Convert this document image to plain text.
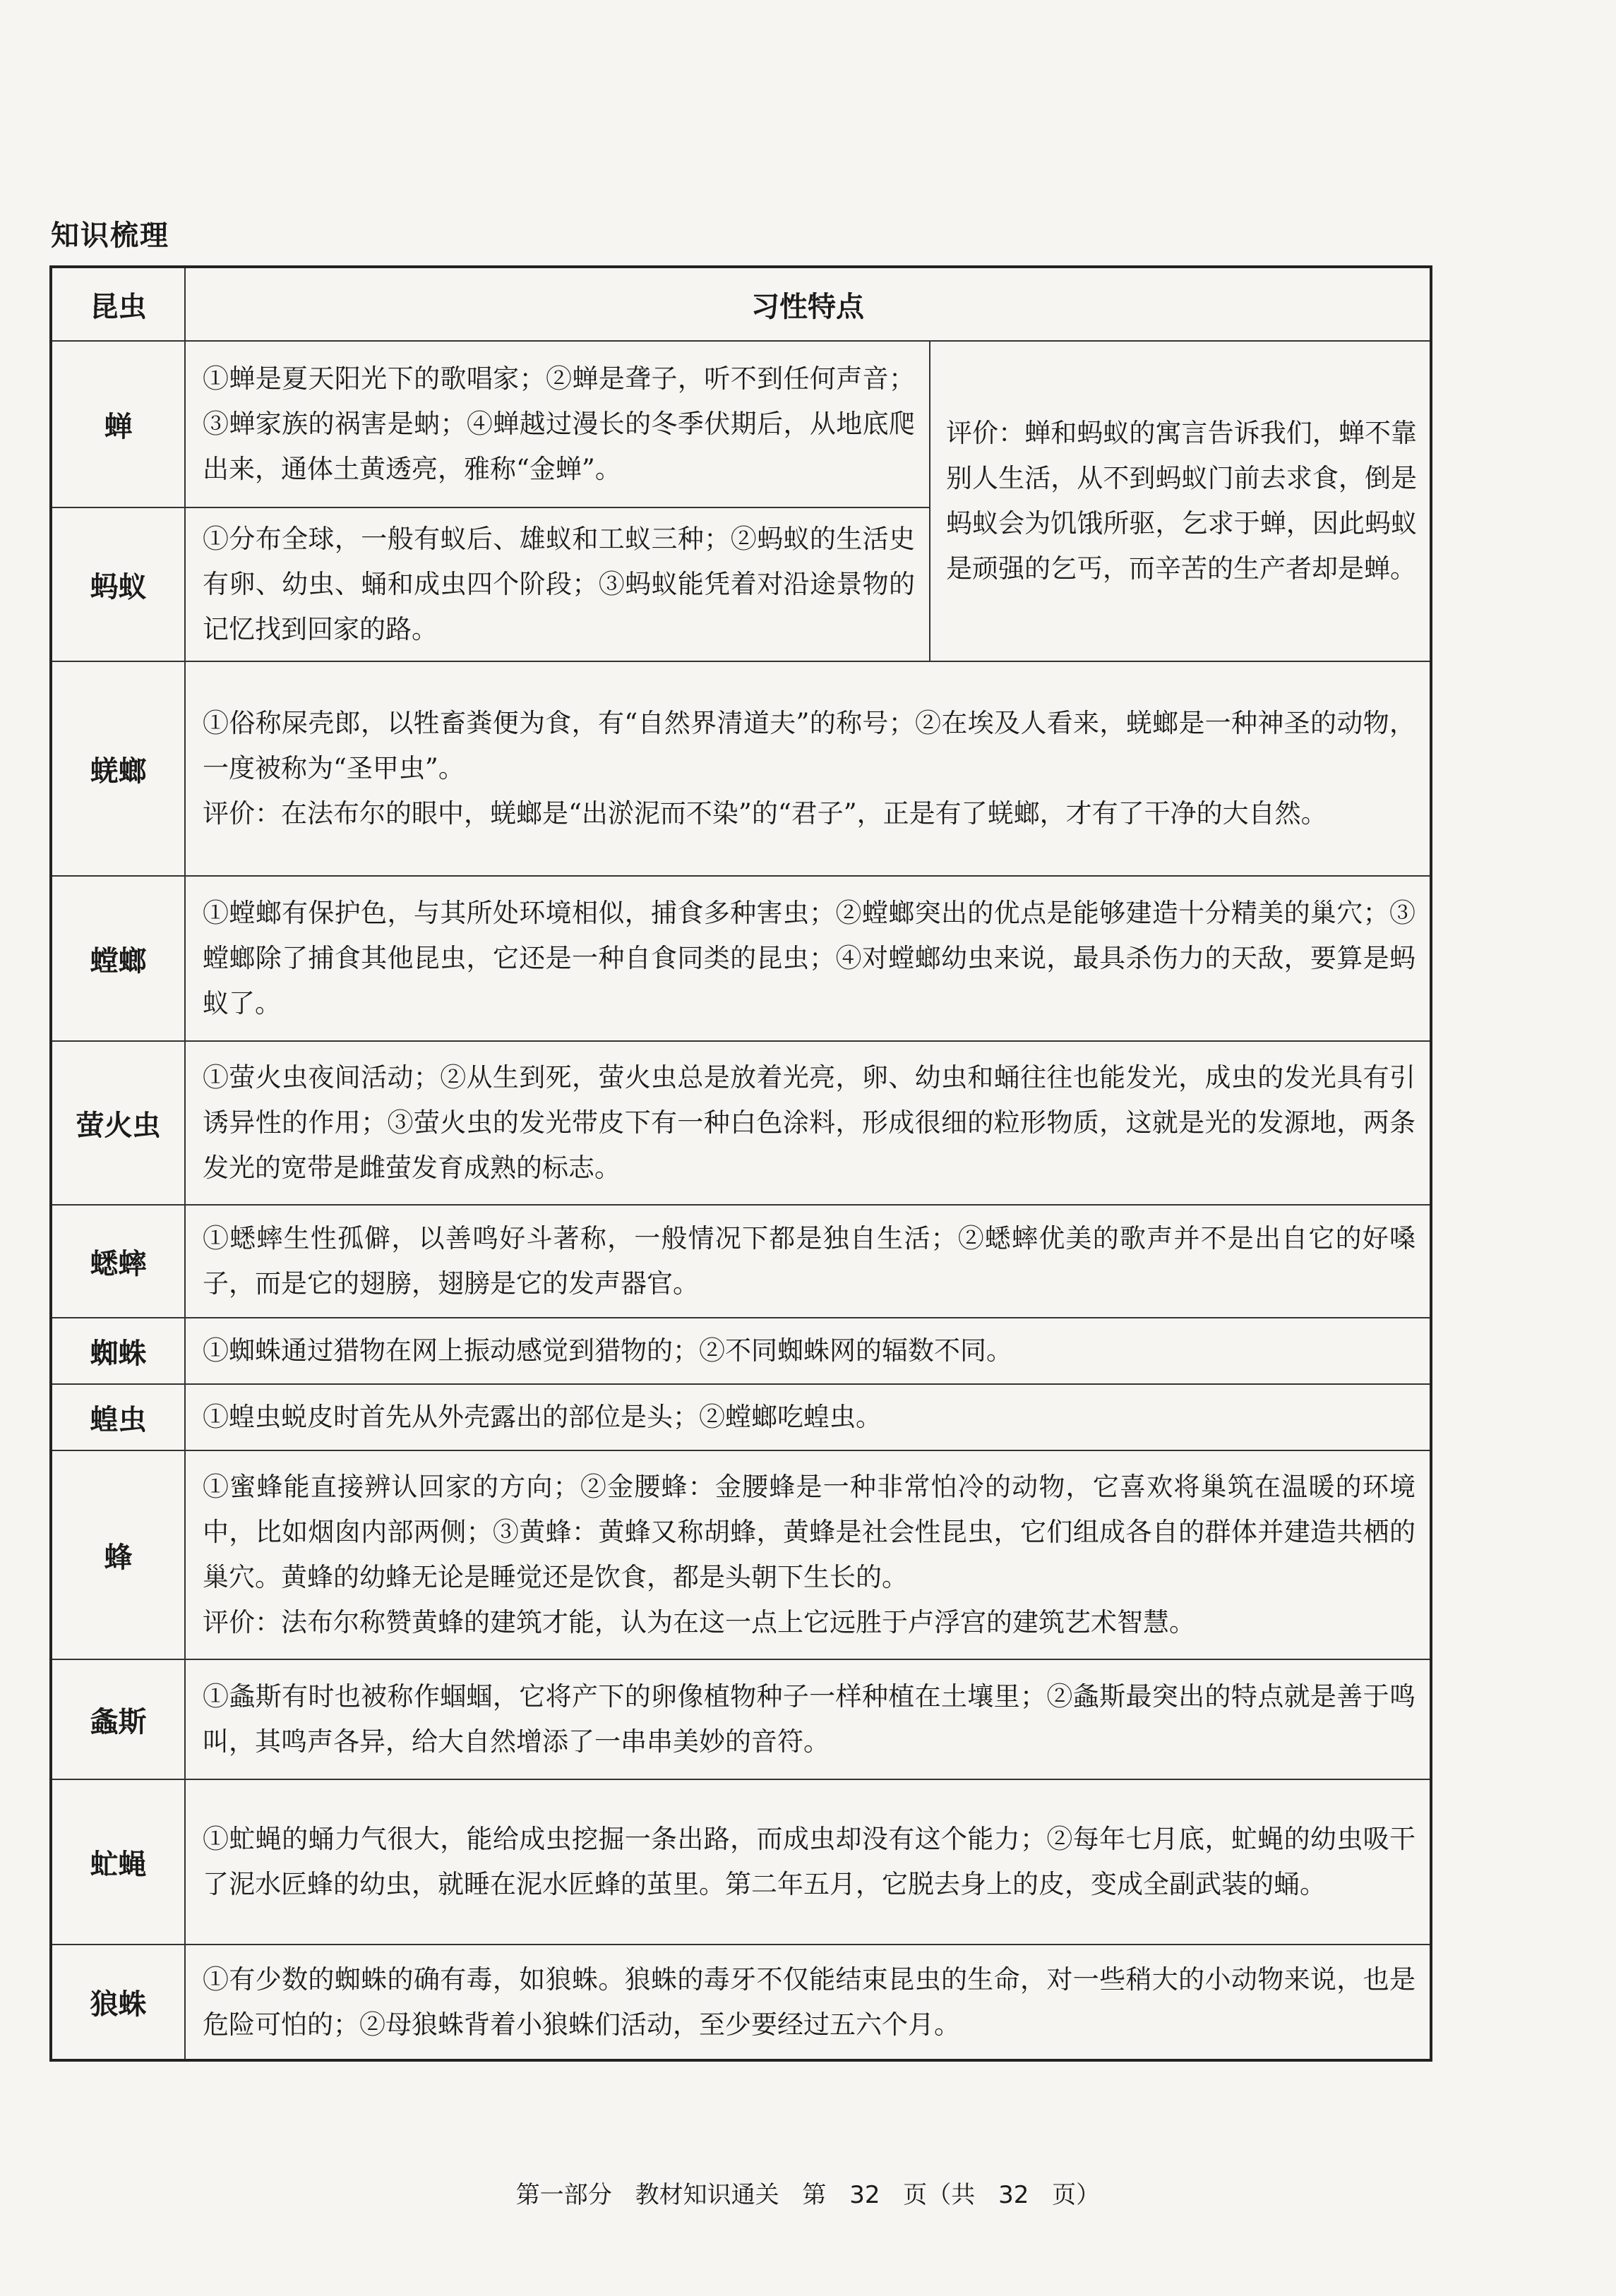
知识梳理
昆虫	习性特点	
蝉	①蝉是夏天阳光下的歌唱家；②蝉是聋子，听不到任何声音；③蝉家族的祸害是蚋；④蝉越过漫长的冬季伏期后，从地底爬出来，通体土黄透亮，雅称“金蝉”。	评价：蝉和蚂蚁的寓言告诉我们，蝉不靠别人生活，从不到蚂蚁门前去求食，倒是蚂蚁会为饥饿所驱，乞求于蝉，因此蚂蚁是顽强的乞丐，而辛苦的生产者却是蝉。
蚂蚁	①分布全球，一般有蚁后、雄蚁和工蚁三种；②蚂蚁的生活史有卵、幼虫、蛹和成虫四个阶段；③蚂蚁能凭着对沿途景物的记忆找到回家的路。	
蜣螂	①俗称屎壳郎，以牲畜粪便为食，有“自然界清道夫”的称号；②在埃及人看来，蜣螂是一种神圣的动物，一度被称为“圣甲虫”。

评价：在法布尔的眼中，蜣螂是“出淤泥而不染”的“君子”，正是有了蜣螂，才有了干净的大自然。	

螳螂	①螳螂有保护色，与其所处环境相似，捕食多种害虫；②螳螂突出的优点是能够建造十分精美的巢穴；③螳螂除了捕食其他昆虫，它还是一种自食同类的昆虫；④对螳螂幼虫来说，最具杀伤力的天敌，要算是蚂蚁了。	
萤火虫	①萤火虫夜间活动；②从生到死，萤火虫总是放着光亮，卵、幼虫和蛹往往也能发光，成虫的发光具有引诱异性的作用；③萤火虫的发光带皮下有一种白色涂料，形成很细的粒形物质，这就是光的发源地，两条发光的宽带是雌萤发育成熟的标志。	
蟋蟀	①蟋蟀生性孤僻，以善鸣好斗著称，一般情况下都是独自生活；②蟋蟀优美的歌声并不是出自它的好嗓子，而是它的翅膀，翅膀是它的发声器官。	
蜘蛛	①蜘蛛通过猎物在网上振动感觉到猎物的；②不同蜘蛛网的辐数不同。	
蝗虫	①蝗虫蜕皮时首先从外壳露出的部位是头；②螳螂吃蝗虫。	
蜂	①蜜蜂能直接辨认回家的方向；②金腰蜂：金腰蜂是一种非常怕冷的动物，它喜欢将巢筑在温暖的环境中，比如烟囱内部两侧；③黄蜂：黄蜂又称胡蜂，黄蜂是社会性昆虫，它们组成各自的群体并建造共栖的巢穴。黄蜂的幼蜂无论是睡觉还是饮食，都是头朝下生长的。

评价：法布尔称赞黄蜂的建筑才能，认为在这一点上它远胜于卢浮宫的建筑艺术智慧。	

螽斯	①螽斯有时也被称作蝈蝈，它将产下的卵像植物种子一样种植在土壤里；②螽斯最突出的特点就是善于鸣叫，其鸣声各异，给大自然增添了一串串美妙的音符。	
虻蝇	①虻蝇的蛹力气很大，能给成虫挖掘一条出路，而成虫却没有这个能力；②每年七月底，虻蝇的幼虫吸干了泥水匠蜂的幼虫，就睡在泥水匠蜂的茧里。第二年五月，它脱去身上的皮，变成全副武装的蛹。	
狼蛛	①有少数的蜘蛛的确有毒，如狼蛛。狼蛛的毒牙不仅能结束昆虫的生命，对一些稍大的小动物来说，也是危险可怕的；②母狼蛛背着小狼蛛们活动，至少要经过五六个月。	
第一部分 教材知识通关 第 32 页（共 32 页）
